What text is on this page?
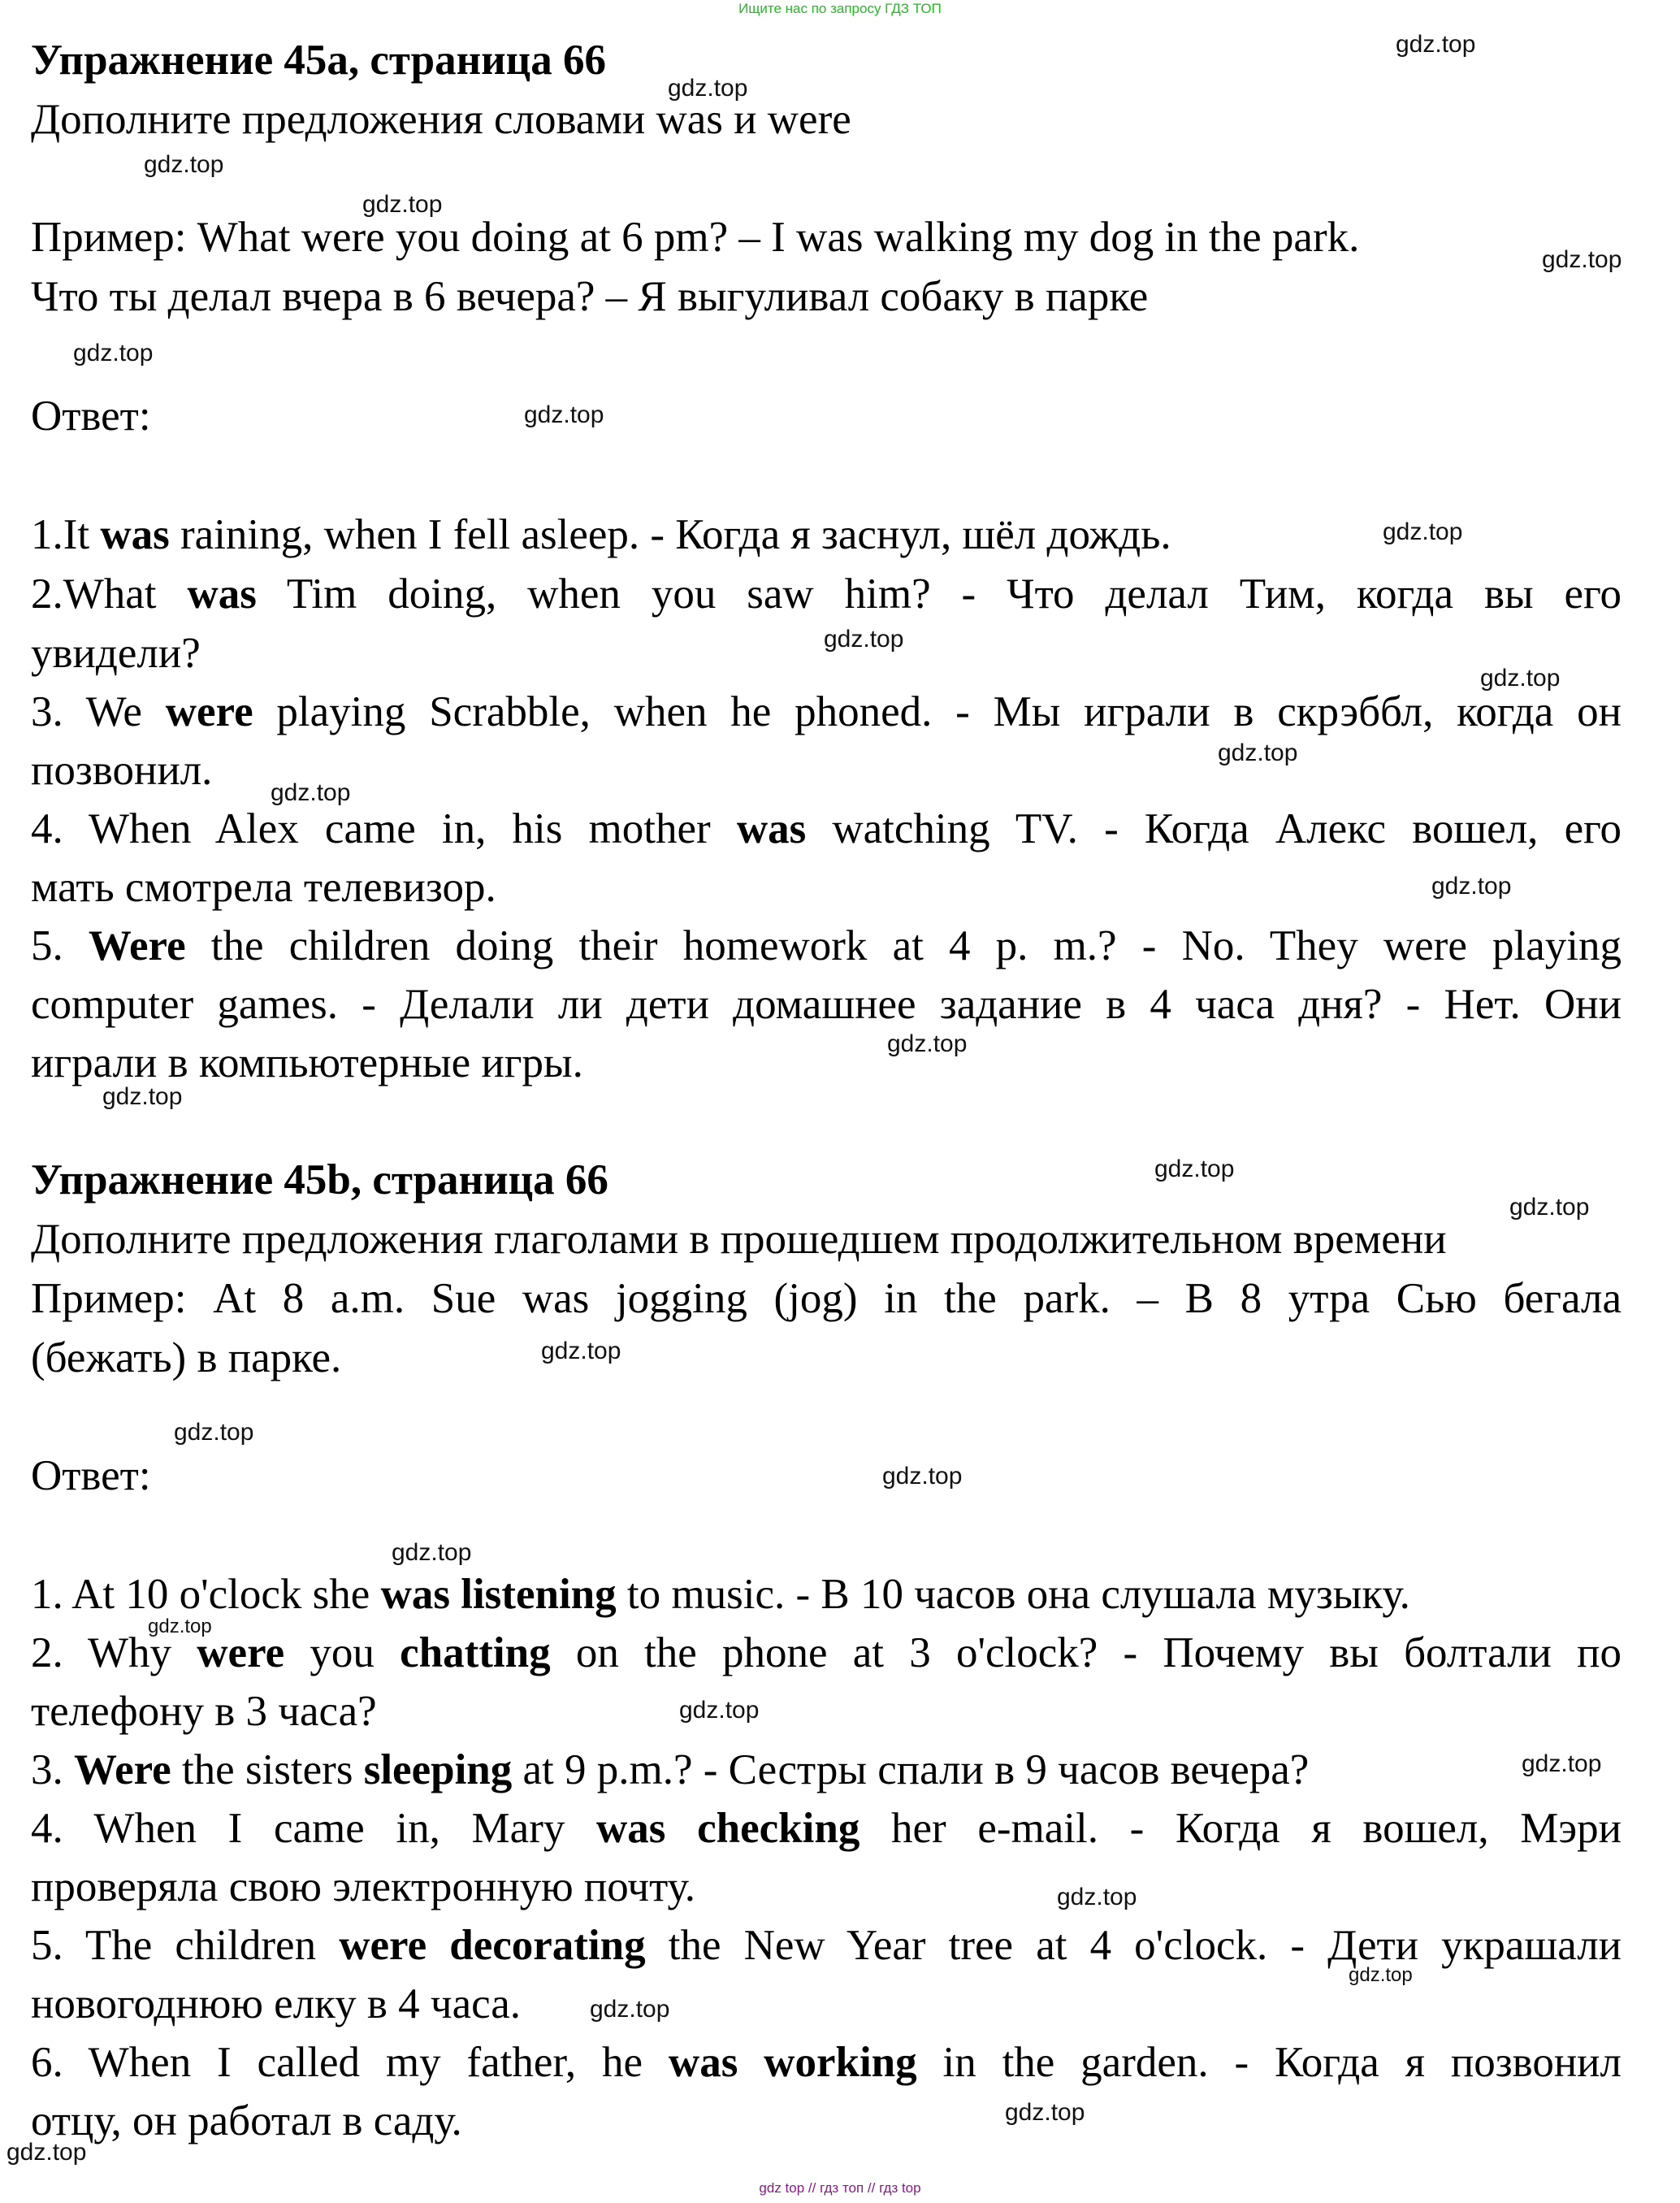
Ищите нас по запросу ГДЗ ТОП
Упражнение 45a, страница 66
Дополните предложения словами was и were
Пример: What were you doing at 6 pm? – I was walking my dog in the park.
Что ты делал вчера в 6 вечера? – Я выгуливал собаку в парке
Ответ:
1.It was raining, when I fell asleep. - Когда я заснул, шёл дождь.
2.What was Tim doing, when you saw him? - Что делал Тим, когда вы его
увидели?
3. We were playing Scrabble, when he phoned. - Мы играли в скрэббл, когда он
позвонил.
4. When Alex came in, his mother was watching TV. - Когда Алекс вошел, его
мать смотрела телевизор.
5. Were the children doing their homework at 4 p. m.? - No. They were playing
computer games. - Делали ли дети домашнее задание в 4 часа дня? - Нет. Они
играли в компьютерные игры.
Упражнение 45b, страница 66
Дополните предложения глаголами в прошедшем продолжительном времени
Пример: At 8 a.m. Sue was jogging (jog) in the park. – В 8 утра Сью бегала
(бежать) в парке.
Ответ:
1. At 10 o'clock she was listening to music. - В 10 часов она слушала музыку.
2. Why were you chatting on the phone at 3 o'clock? - Почему вы болтали по
телефону в 3 часа?
3. Were the sisters sleeping at 9 p.m.? - Сестры спали в 9 часов вечера?
4. When I came in, Mary was checking her e-mail. - Когда я вошел, Мэри
проверяла свою электронную почту.
5. The children were decorating the New Year tree at 4 o'clock. - Дети украшали
новогоднюю елку в 4 часа.
6. When I called my father, he was working in the garden. - Когда я позвонил
отцу, он работал в саду.
gdz.top
gdz.top
gdz.top
gdz.top
gdz.top
gdz.top
gdz.top
gdz.top
gdz.top
gdz.top
gdz.top
gdz.top
gdz.top
gdz.top
gdz.top
gdz.top
gdz.top
gdz.top
gdz.top
gdz.top
gdz.top
gdz.top
gdz.top
gdz.top
gdz.top
gdz.top
gdz.top
gdz.top
gdz.top
gdz top // гдз топ // гдз top
